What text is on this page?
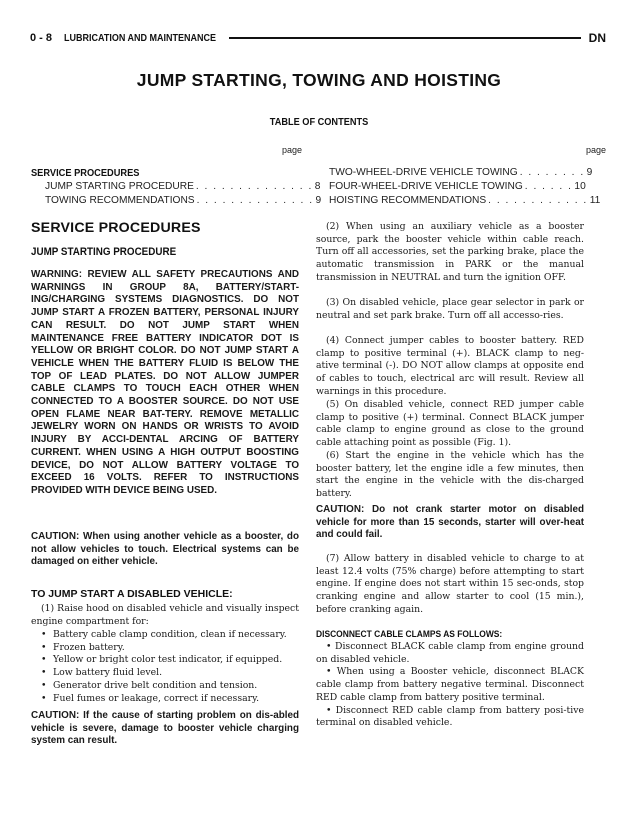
0 - 8 LUBRICATION AND MAINTENANCE	DN
JUMP STARTING, TOWING AND HOISTING
TABLE OF CONTENTS
page	page
SERVICE PROCEDURES
JUMP STARTING PROCEDURE . . . . . . . . . . . . . . 8
TOWING RECOMMENDATIONS . . . . . . . . . . . . . . 9
TWO-WHEEL-DRIVE VEHICLE TOWING . . . . . . . . 9
FOUR-WHEEL-DRIVE VEHICLE TOWING . . . . . . 10
HOISTING RECOMMENDATIONS . . . . . . . . . . . . 11
SERVICE PROCEDURES
JUMP STARTING PROCEDURE
WARNING: REVIEW ALL SAFETY PRECAUTIONS AND WARNINGS IN GROUP 8A, BATTERY/START-ING/CHARGING SYSTEMS DIAGNOSTICS. DO NOT JUMP START A FROZEN BATTERY, PERSONAL INJURY CAN RESULT. DO NOT JUMP START WHEN MAINTENANCE FREE BATTERY INDICATOR DOT IS YELLOW OR BRIGHT COLOR. DO NOT JUMP START A VEHICLE WHEN THE BATTERY FLUID IS BELOW THE TOP OF LEAD PLATES. DO NOT ALLOW JUMPER CABLE CLAMPS TO TOUCH EACH OTHER WHEN CONNECTED TO A BOOSTER SOURCE. DO NOT USE OPEN FLAME NEAR BAT-TERY. REMOVE METALLIC JEWELRY WORN ON HANDS OR WRISTS TO AVOID INJURY BY ACCI-DENTAL ARCING OF BATTERY CURRENT. WHEN USING A HIGH OUTPUT BOOSTING DEVICE, DO NOT ALLOW BATTERY VOLTAGE TO EXCEED 16 VOLTS. REFER TO INSTRUCTIONS PROVIDED WITH DEVICE BEING USED.
CAUTION: When using another vehicle as a booster, do not allow vehicles to touch. Electrical systems can be damaged on either vehicle.
TO JUMP START A DISABLED VEHICLE:
(1) Raise hood on disabled vehicle and visually inspect engine compartment for:
• Battery cable clamp condition, clean if necessary.
• Frozen battery.
• Yellow or bright color test indicator, if equipped.
• Low battery fluid level.
• Generator drive belt condition and tension.
• Fuel fumes or leakage, correct if necessary.
CAUTION: If the cause of starting problem on dis-abled vehicle is severe, damage to booster vehicle charging system can result.
(2) When using an auxiliary vehicle as a booster source, park the booster vehicle within cable reach. Turn off all accessories, set the parking brake, place the automatic transmission in PARK or the manual transmission in NEUTRAL and turn the ignition OFF.
(3) On disabled vehicle, place gear selector in park or neutral and set park brake. Turn off all accesso-ries.
(4) Connect jumper cables to booster battery. RED clamp to positive terminal (+). BLACK clamp to neg-ative terminal (-). DO NOT allow clamps at opposite end of cables to touch, electrical arc will result. Review all warnings in this procedure.
(5) On disabled vehicle, connect RED jumper cable clamp to positive (+) terminal. Connect BLACK jumper cable clamp to engine ground as close to the ground cable attaching point as possible (Fig. 1).
(6) Start the engine in the vehicle which has the booster battery, let the engine idle a few minutes, then start the engine in the vehicle with the dis-charged battery.
CAUTION: Do not crank starter motor on disabled vehicle for more than 15 seconds, starter will over-heat and could fail.
(7) Allow battery in disabled vehicle to charge to at least 12.4 volts (75% charge) before attempting to start engine. If engine does not start within 15 sec-onds, stop cranking engine and allow starter to cool (15 min.), before cranking again.
DISCONNECT CABLE CLAMPS AS FOLLOWS:
• Disconnect BLACK cable clamp from engine ground on disabled vehicle.
• When using a Booster vehicle, disconnect BLACK cable clamp from battery negative terminal. Disconnect RED cable clamp from battery positive terminal.
• Disconnect RED cable clamp from battery posi-tive terminal on disabled vehicle.
